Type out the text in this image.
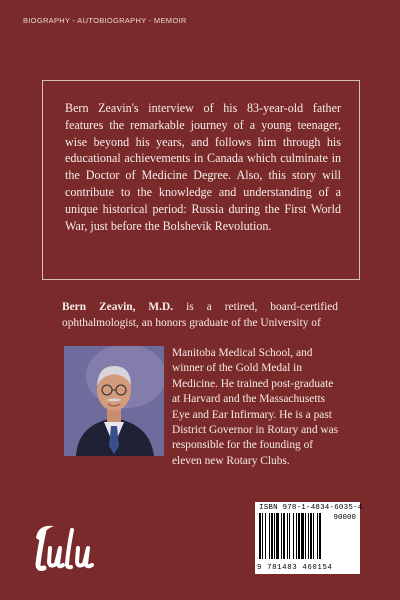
BIOGRAPHY - AUTOBIOGRAPHY - MEMOIR

Bern Zeavin's interview of his 83-year-old father features the remarkable journey of a young teenager, wise beyond his years, and follows him through his educational achievements in Canada which culminate in the Doctor of Medicine Degree. Also, this story will contribute to the knowledge and understanding of a unique historical period: Russia during the First World War, just before the Bolshevik Revolution.

Bern Zeavin, M.D. is a retired, board-certified ophthalmologist, an honors graduate of the University of

Manitoba Medical School, and winner of the Gold Medal in Medicine. He trained post-graduate at Harvard and the Massachusetts Eye and Ear Infirmary. He is a past District Governor in Rotary and was responsible for the founding of eleven new Rotary Clubs.

ISBN 978-1-4834-6035-4
90000
9 781483 460154
